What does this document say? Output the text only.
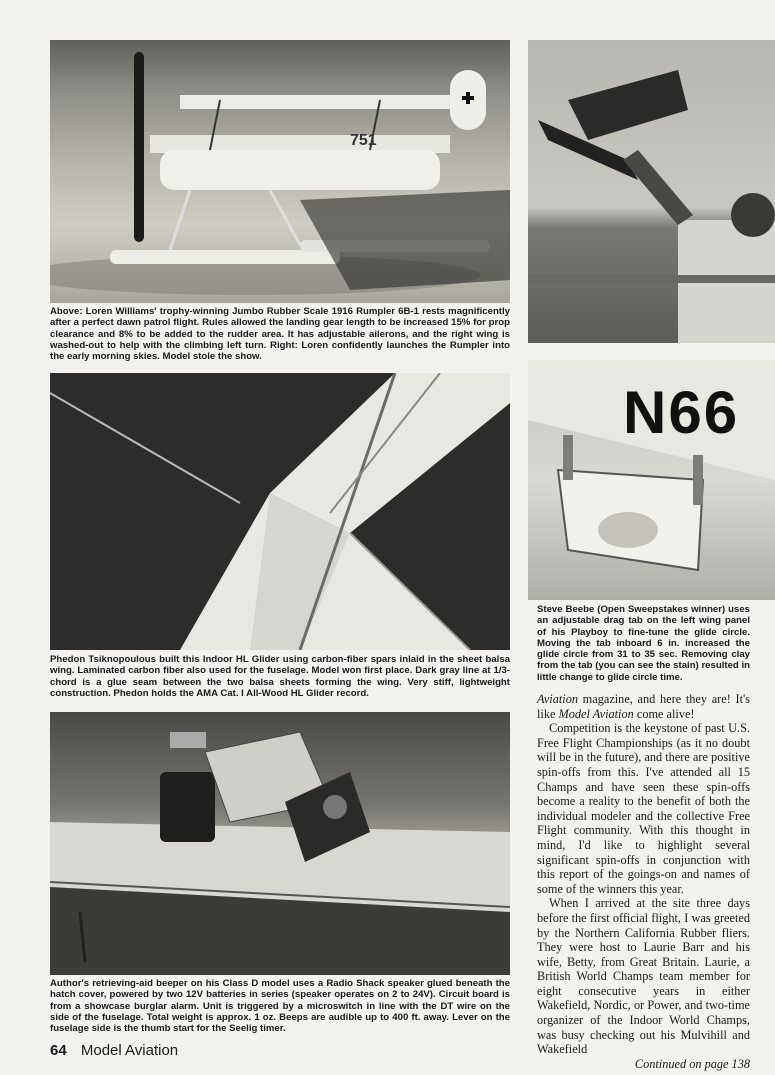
751
Above: Loren Williams' trophy-winning Jumbo Rubber Scale 1916 Rumpler 6B-1 rests magnificently after a perfect dawn patrol flight. Rules allowed the landing gear length to be increased 15% for prop clearance and 8% to be added to the rudder area. It has adjustable ailerons, and the right wing is washed-out to help with the climbing left turn. Right: Loren confidently launches the Rumpler into the early morning skies. Model stole the show.
Phedon Tsiknopoulous built this Indoor HL Glider using carbon-fiber spars inlaid in the sheet balsa wing. Laminated carbon fiber also used for the fuselage. Model won first place. Dark gray line at 1/3-chord is a glue seam between the two balsa sheets forming the wing. Very stiff, lightweight construction. Phedon holds the AMA Cat. I All-Wood HL Glider record.
N66
Steve Beebe (Open Sweepstakes winner) uses an adjustable drag tab on the left wing panel of his Playboy to fine-tune the glide circle. Moving the tab inboard 6 in. increased the glide circle from 31 to 35 sec. Removing clay from the tab (you can see the stain) resulted in little change to glide circle time.
Author's retrieving-aid beeper on his Class D model uses a Radio Shack speaker glued beneath the hatch cover, powered by two 12V batteries in series (speaker operates on 2 to 24V). Circuit board is from a showcase burglar alarm. Unit is triggered by a microswitch in line with the DT wire on the side of the fuselage. Total weight is approx. 1 oz. Beeps are audible up to 400 ft. away. Lever on the fuselage side is the thumb start for the Seelig timer.

Aviation magazine, and here they are! It's like Model Aviation come alive!

Competition is the keystone of past U.S. Free Flight Championships (as it no doubt will be in the future), and there are positive spin-offs from this. I've attended all 15 Champs and have seen these spin-offs become a reality to the benefit of both the individual modeler and the collective Free Flight community. With this thought in mind, I'd like to highlight several significant spin-offs in conjunction with this report of the goings-on and names of some of the winners this year.

When I arrived at the site three days before the first official flight, I was greeted by the Northern California Rubber fliers. They were host to Laurie Barr and his wife, Betty, from Great Britain. Laurie, a British World Champs team member for eight consecutive years in either Wakefield, Nordic, or Power, and two-time organizer of the Indoor World Champs, was busy checking out his Mulvihill and Wakefield

Continued on page 138

64 Model Aviation
